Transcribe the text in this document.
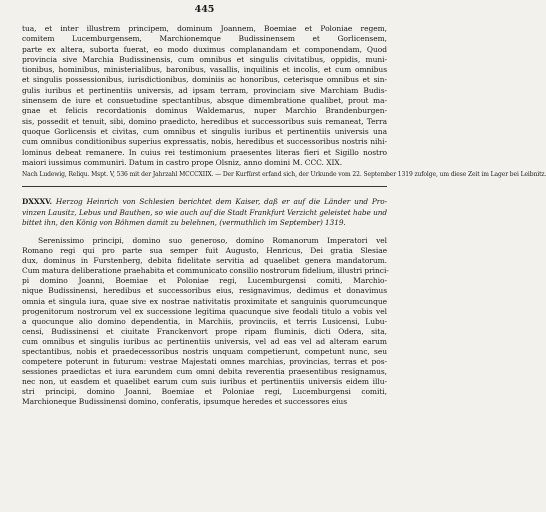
445
tua, et inter illustrem principem, dominum Joannem, Boemiae et Poloniae regem,
comitem Lucemburgensem, Marchionemque Budissinensem et Gorlicensem,
parte ex altera, suborta fuerat, eo modo duximus complanandam et componendam, Quod
provincia sive Marchia Budissinensis, cum omnibus et singulis civitatibus, oppidis, muni-
tionibus, hominibus, ministerialibus, baronibus, vasallis, inquilinis et incolis, et cum omnibus
et singulis possessionibus, iurisdictionibus, dominiis ac honoribus, ceterisque omnibus et sin-
gulis iuribus et pertinentiis universis, ad ipsam terram, provinciam sive Marchiam Budis-
sinensem de iure et consuetudine spectantibus, absque dimembratione qualibet, prout ma-
gnae et felicis recordationis dominus Waldemarus, nuper Marchio Brandenburgen-
sis, possedit et tenuit, sibi, domino praedicto, heredibus et successoribus suis remaneat, Terra
quoque Gorlicensis et civitas, cum omnibus et singulis iuribus et pertinentiis universis una
cum omnibus conditionibus superius expressatis, nobis, heredibus et successoribus nostris nihi-
lominus debeat remanere. In cuius rei testimonium praesentes literas fieri et Sigillo nostro
maiori iussimus communiri. Datum in castro prope Olsniz, anno domini M. CCC. XIX.
Nach Ludewig, Reliqu. Mspt. V, 536 mit der Jahrzahl MCCCXIIX. — Der Kurfürst erfand sich, der Urkunde vom 22. September 1319 zufolge, um diese Zeit im Lager bei Leibnitz.
DXXXV. Herzog Heinrich von Schlesien berichtet dem Kaiser, daß er auf die Länder und Pro-
vinzen Lausitz, Lebus und Bauthen, so wie auch auf die Stadt Frankfurt Verzicht geleistet habe und
bittet ihn, den König von Böhmen damit zu belehnen, (vermuthlich im September) 1319.
Serenissimo principi, domino suo generoso, domino Romanorum Imperatori vel
Romano regi qui pro parte sua semper fuit Augusto, Henricus, Dei gratia Slesiae
dux, dominus in Furstenberg, debita fidelitate servitia ad quaelibet genera mandatorum.
Cum matura deliberatione praehabita et communicato consilio nostrorum fidelium, illustri princi-
pi domino Joanni, Boemiae et Poloniae regi, Lucemburgensi comiti, Marchio-
nique Budissinensi, heredibus et successoribus eius, resignavimus, dedimus et donavimus
omnia et singula iura, quae sive ex nostrae nativitatis proximitate et sanguinis quorumcunque
progenitorum nostrorum vel ex successione legitima quacunque sive feodali titulo a vobis vel
a quocunque alio domino dependentia, in Marchiis, provinciis, et terris Lusicensi, Lubu-
censi, Budissinensi et ciuitate Franckenvort prope ripam fluminis, dicti Odera, sita,
cum omnibus et singulis iuribus ac pertinentiis universis, vel ad eas vel ad alteram earum
spectantibus, nobis et praedecessoribus nostris unquam competierunt, competunt nunc, seu
competere poterunt in futurum: vestrae Majestati omnes marchias, provincias, terras et pos-
sessiones praedictas et iura earundem cum omni debita reverentia praesentibus resignamus,
nec non, ut easdem et quaelibet earum cum suis iuribus et pertinentiis universis eidem illu-
stri principi, domino Joanni, Boemiae et Poloniae regi, Lucemburgensi comiti,
Marchioneque Budissinensi domino, conferatis, ipsumque heredes et successores eius
